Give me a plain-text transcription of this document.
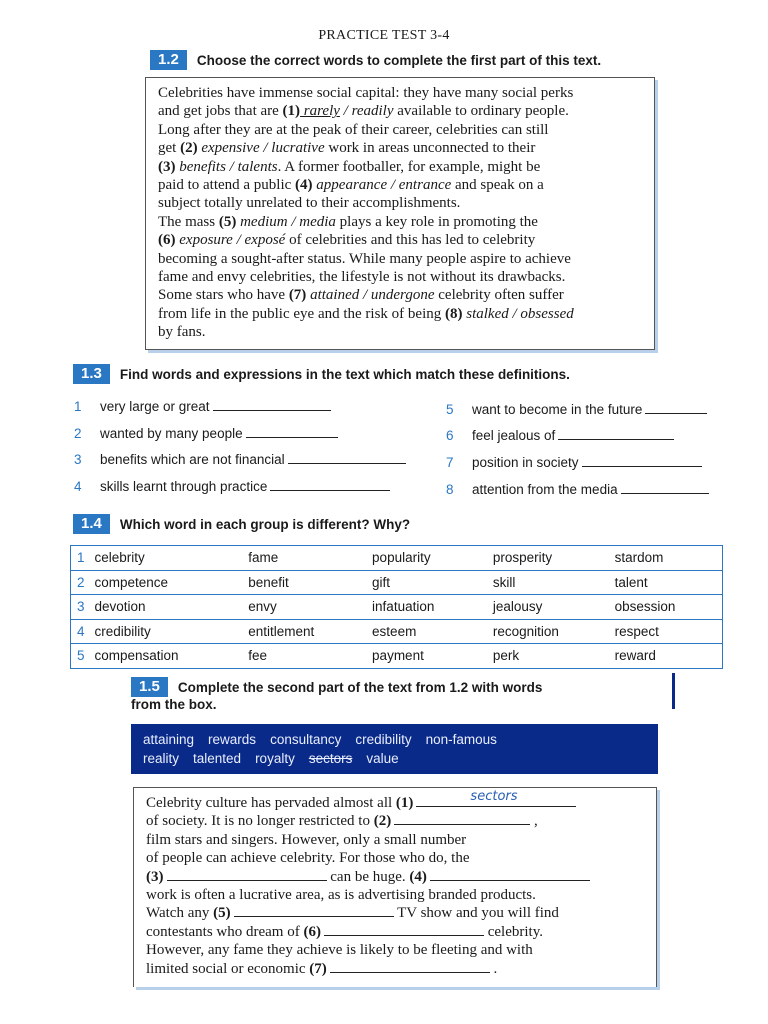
PRACTICE TEST 3-4
1.2	Choose the correct words to complete the first part of this text.

Celebrities have immense social capital: they have many social perks

and get jobs that are (1) rarely / readily available to ordinary people.

Long after they are at the peak of their career, celebrities can still

get (2) expensive / lucrative work in areas unconnected to their

(3) benefits / talents. A former footballer, for example, might be

paid to attend a public (4) appearance / entrance and speak on a

subject totally unrelated to their accomplishments.

The mass (5) medium / media plays a key role in promoting the

(6) exposure / exposé of celebrities and this has led to celebrity

becoming a sought-after status. While many people aspire to achieve

fame and envy celebrities, the lifestyle is not without its drawbacks.

Some stars who have (7) attained / undergone celebrity often suffer

from life in the public eye and the risk of being (8) stalked / obsessed

by fans.

1.3	Find words and expressions in the text which match these definitions.
1	very large or great
2	wanted by many people
3	benefits which are not financial
4	skills learnt through practice
5	want to become in the future
6	feel jealous of
7	position in society
8	attention from the media
1.4	Which word in each group is different? Why?
1 celebrity	fame	popularity	prosperity	stardom
2 competence	benefit	gift	skill	talent
3 devotion	envy	infatuation	jealousy	obsession
4 credibility	entitlement	esteem	recognition	respect
5 compensation	fee	payment	perk	reward
1.5	Complete the second part of the text from 1.2 with words
from the box.
attaining rewards consultancy credibility non-famous
reality talented royalty sectors value

Celebrity culture has pervaded almost all (1)	sectors

of society. It is no longer restricted to (2)	,

film stars and singers. However, only a small number

of people can achieve celebrity. For those who do, the

(3)	can be huge. (4)

work is often a lucrative area, as is advertising branded products.

Watch any (5)	TV show and you will find

contestants who dream of (6)	celebrity.

However, any fame they achieve is likely to be fleeting and with

limited social or economic (7)	.
